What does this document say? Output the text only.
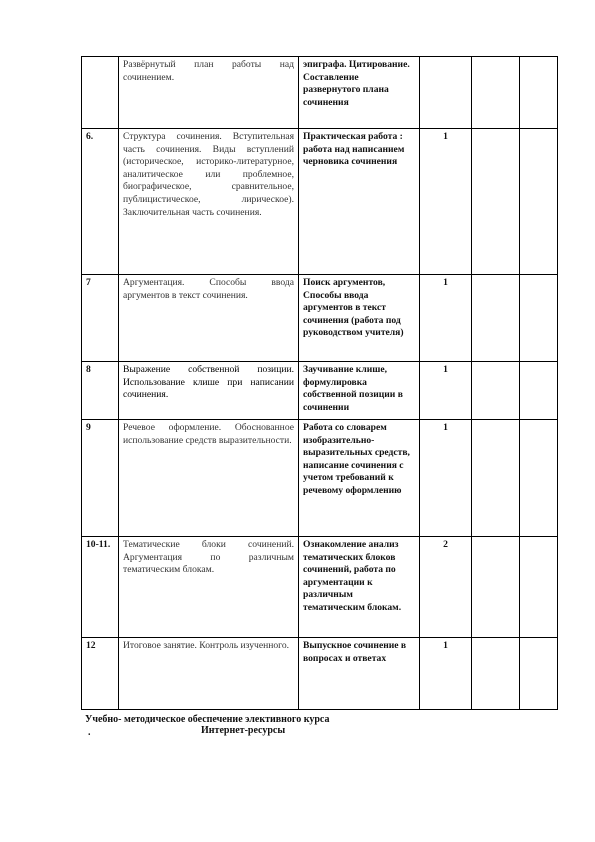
	Развёрнутый план работы над сочинением.	эпиграфа. Цитирование. Составление развернутого плана сочинения			
6.	Структура сочинения. Вступительная часть сочинения. Виды вступлений (историческое, историко-литературное, аналитическое или проблемное, биографическое, сравнительное, публицистическое, лирическое). Заключительная часть сочинения.	Практическая работа : работа над написанием черновика сочинения	1		
7	Аргументация. Способы ввода аргументов в текст сочинения.	Поиск аргументов, Способы ввода аргументов в текст сочинения (работа под руководством учителя)	1		
8	Выражение собственной позиции. Использование клише при написании сочинения.	Заучивание клише, формулировка собственной позиции в сочинении	1		
9	Речевое оформление. Обоснованное использование средств выразительности.	Работа со словарем изобразительно-выразительных средств, написание сочинения с учетом требований к речевому оформлению	1		
10-11.	Тематические блоки сочинений. Аргументация по различным тематическим блокам.	Ознакомление анализ тематических блоков сочинений, работа по аргументации к различным тематическим блокам.	2		
12	Итоговое занятие. Контроль изученного.	Выпускное сочинение в вопросах и ответах	1		
Учебно- методическое обеспечение элективного курса
.	Интернет-ресурсы
